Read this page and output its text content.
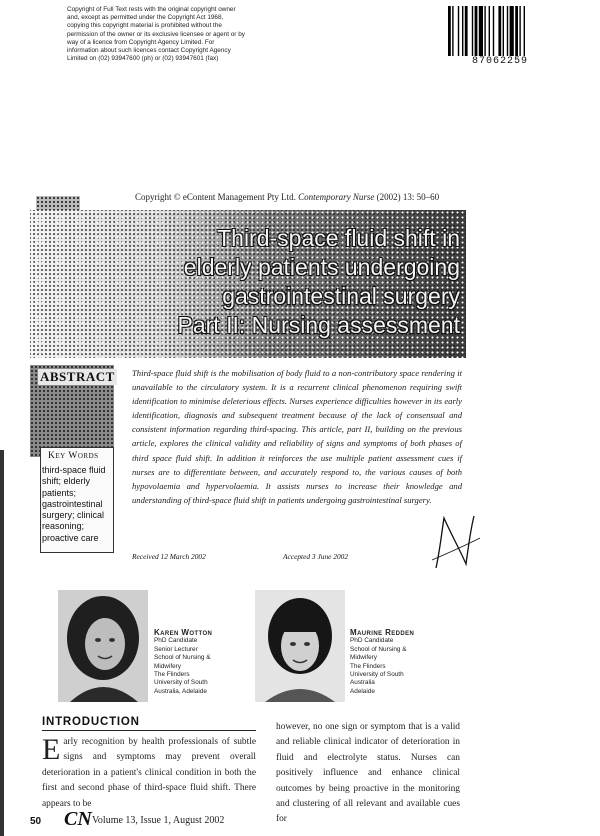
Copyright of Full Text rests with the original copyright owner and, except as permitted under the Copyright Act 1968, copying this copyright material is prohibited without the permission of the owner or its exclusive licensee or agent or by way of a licence from Copyright Agency Limited. For information about such licences contact Copyright Agency Limited on (02) 93947600 (ph) or (02) 93947601 (fax)	87062259
Copyright © eContent Management Pty Ltd. Contemporary Nurse (2002) 13: 50–60
Third-space fluid shift in
elderly patients undergoing
gastrointestinal surgery
Part II: Nursing assessment
ABSTRACT
Key Words
third-space fluid
shift; elderly
patients;
gastrointestinal
surgery; clinical
reasoning;
proactive care
Third-space fluid shift is the mobilisation of body fluid to a non-contributory space rendering it unavailable to the circulatory system. It is a recurrent clinical phenomenon requiring swift identification to minimise deleterious effects. Nurses experience difficulties however in its early identification, diagnosis and subsequent treatment because of the lack of consensual and consistent information regarding third-spacing. This article, part II, building on the previous article, explores the clinical validity and reliability of signs and symptoms of both phases of third space fluid shift. In addition it reinforces the use multiple patient assessment cues if nurses are to differentiate between, and accurately respond to, the various causes of both hypovolaemia and hypervolaemia. It assists nurses to increase their knowledge and understanding of third-space fluid shift in patients undergoing gastrointestinal surgery.
Received 12 March 2002	Accepted 3 June 2002
Karen Wotton
PhD Candidate
Senior Lecturer
School of Nursing &
Midwifery
The Flinders
University of South
Australia, Adelaide
Maurine Redden
PhD Candidate
School of Nursing &
Midwifery
The Flinders
University of South
Australia
Adelaide
INTRODUCTION
Early recognition by health professionals of subtle signs and symptoms may prevent overall deterioration in a patient's clinical condition in both the first and second phase of third-space fluid shift. There appears to be
however, no one sign or symptom that is a valid and reliable clinical indicator of deterioration in fluid and electrolyte status. Nurses can positively influence and enhance clinical outcomes by being proactive in the monitoring and clustering of all relevant and available cues for
50 CN Volume 13, Issue 1, August 2002
